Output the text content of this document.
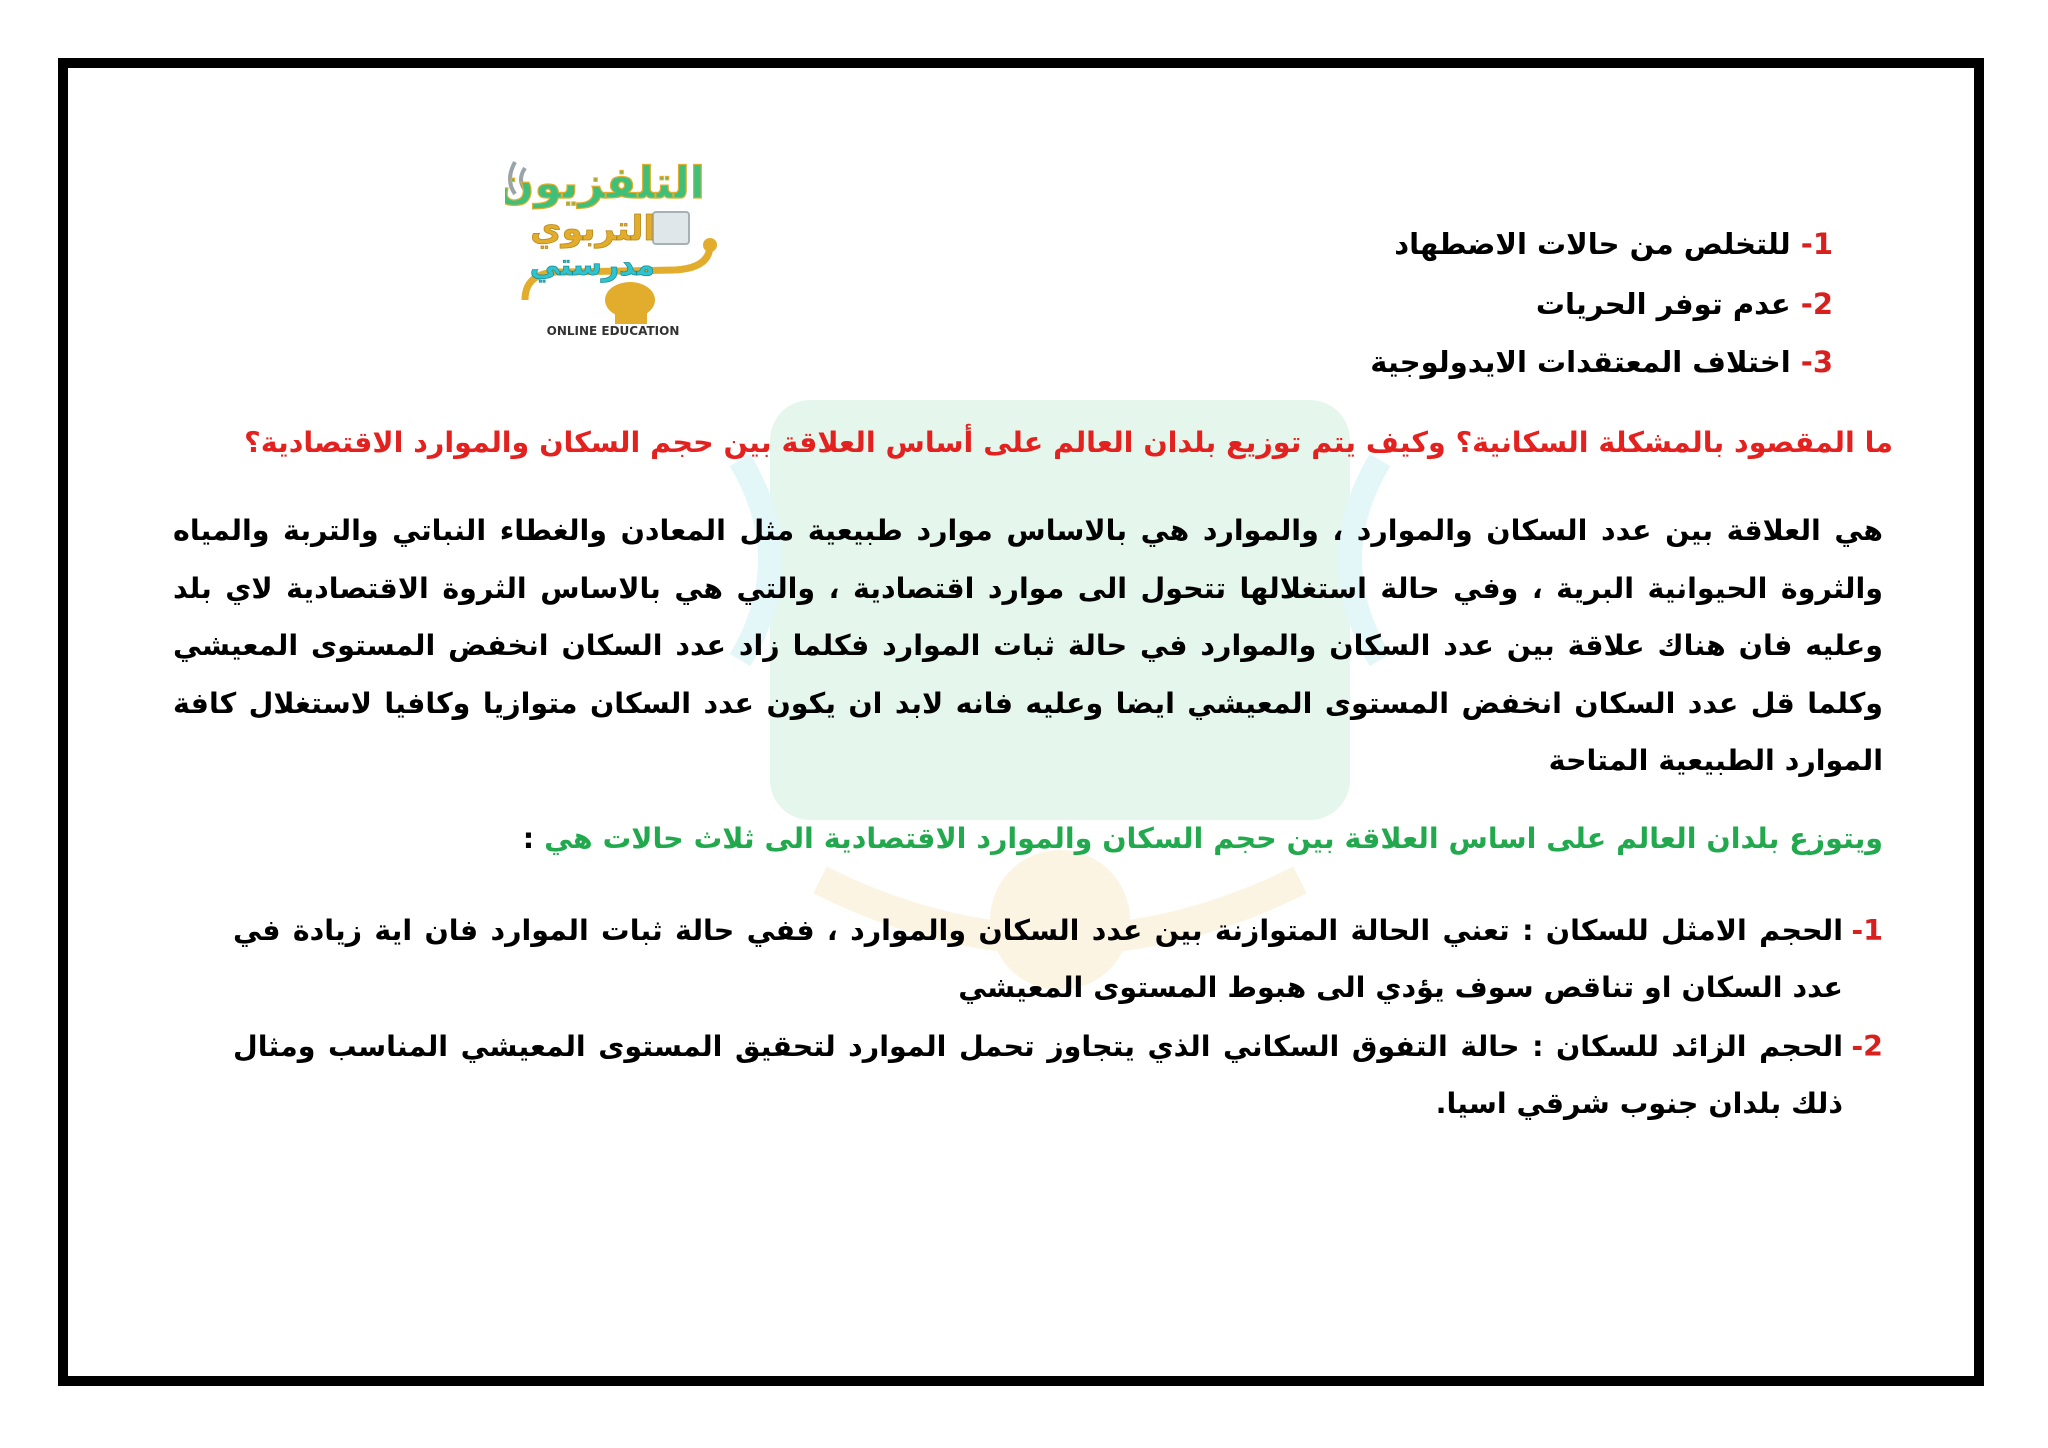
التلفزيون
التربوي
مدرستي
ONLINE EDUCATION
1- للتخلص من حالات الاضطهاد
2- عدم توفر الحريات
3- اختلاف المعتقدات الايدولوجية
ما المقصود بالمشكلة السكانية؟ وكيف يتم توزيع بلدان العالم على أساس العلاقة بين حجم السكان والموارد الاقتصادية؟
هي العلاقة بين عدد السكان والموارد ، والموارد هي بالاساس موارد طبيعية مثل المعادن والغطاء النباتي والتربة والمياه والثروة الحيوانية البرية ، وفي حالة استغلالها تتحول الى موارد اقتصادية ، والتي هي بالاساس الثروة الاقتصادية لاي بلد وعليه فان هناك علاقة بين عدد السكان والموارد في حالة ثبات الموارد فكلما زاد عدد السكان انخفض المستوى المعيشي وكلما قل عدد السكان انخفض المستوى المعيشي ايضا وعليه فانه لابد ان يكون عدد السكان متوازيا وكافيا لاستغلال كافة الموارد الطبيعية المتاحة
ويتوزع بلدان العالم على اساس العلاقة بين حجم السكان والموارد الاقتصادية الى ثلاث حالات هي :
1-
الحجم الامثل للسكان : تعني الحالة المتوازنة بين عدد السكان والموارد ، ففي حالة ثبات الموارد فان اية زيادة في عدد السكان او تناقص سوف يؤدي الى هبوط المستوى المعيشي
2-
الحجم الزائد للسكان : حالة التفوق السكاني الذي يتجاوز تحمل الموارد لتحقيق المستوى المعيشي المناسب ومثال ذلك بلدان جنوب شرقي اسيا.
